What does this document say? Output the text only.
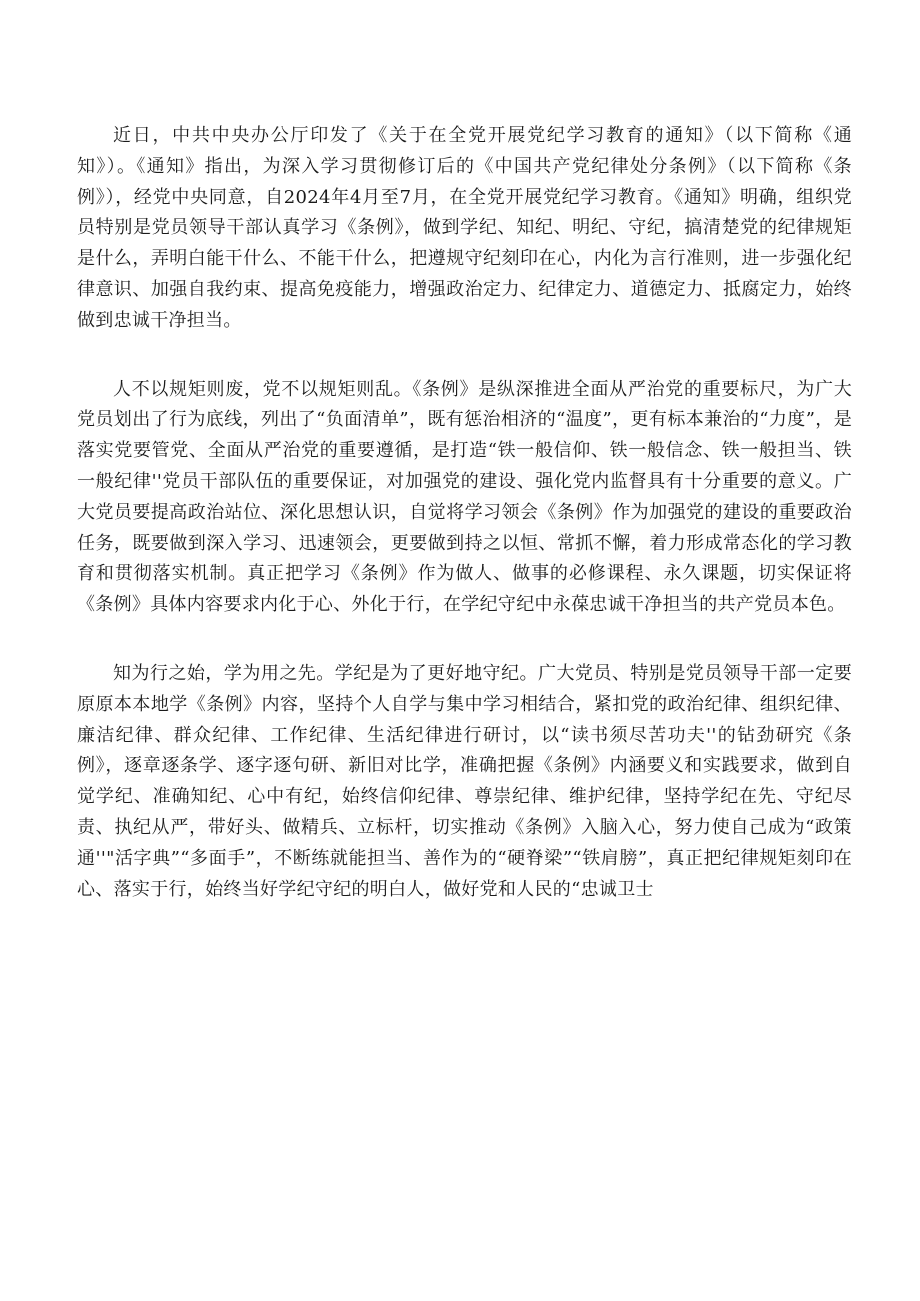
近日，中共中央办公厅印发了《关于在全党开展党纪学习教育的通知》（以下简称《通知》）。《通知》指出，为深入学习贯彻修订后的《中国共产党纪律处分条例》（以下简称《条例》），经党中央同意，自2024年4月至7月，在全党开展党纪学习教育。《通知》明确，组织党员特别是党员领导干部认真学习《条例》，做到学纪、知纪、明纪、守纪，搞清楚党的纪律规矩是什么，弄明白能干什么、不能干什么，把遵规守纪刻印在心，内化为言行准则，进一步强化纪律意识、加强自我约束、提高免疫能力，增强政治定力、纪律定力、道德定力、抵腐定力，始终做到忠诚干净担当。

人不以规矩则废，党不以规矩则乱。《条例》是纵深推进全面从严治党的重要标尺，为广大党员划出了行为底线，列出了“负面清单”，既有惩治相济的“温度”，更有标本兼治的“力度”，是落实党要管党、全面从严治党的重要遵循，是打造“铁一般信仰、铁一般信念、铁一般担当、铁一般纪律''党员干部队伍的重要保证，对加强党的建设、强化党内监督具有十分重要的意义。广大党员要提高政治站位、深化思想认识，自觉将学习领会《条例》作为加强党的建设的重要政治任务，既要做到深入学习、迅速领会，更要做到持之以恒、常抓不懈，着力形成常态化的学习教育和贯彻落实机制。真正把学习《条例》作为做人、做事的必修课程、永久课题，切实保证将《条例》具体内容要求内化于心、外化于行，在学纪守纪中永葆忠诚干净担当的共产党员本色。

知为行之始，学为用之先。学纪是为了更好地守纪。广大党员、特别是党员领导干部一定要原原本本地学《条例》内容，坚持个人自学与集中学习相结合，紧扣党的政治纪律、组织纪律、廉洁纪律、群众纪律、工作纪律、生活纪律进行研讨，以“读书须尽苦功夫''的钻劲研究《条例》，逐章逐条学、逐字逐句研、新旧对比学，准确把握《条例》内涵要义和实践要求，做到自觉学纪、准确知纪、心中有纪，始终信仰纪律、尊崇纪律、维护纪律，坚持学纪在先、守纪尽责、执纪从严，带好头、做精兵、立标杆，切实推动《条例》入脑入心，努力使自己成为“政策通''"活字典”“多面手”，不断练就能担当、善作为的“硬脊梁”“铁肩膀”，真正把纪律规矩刻印在心、落实于行，始终当好学纪守纪的明白人，做好党和人民的“忠诚卫士
